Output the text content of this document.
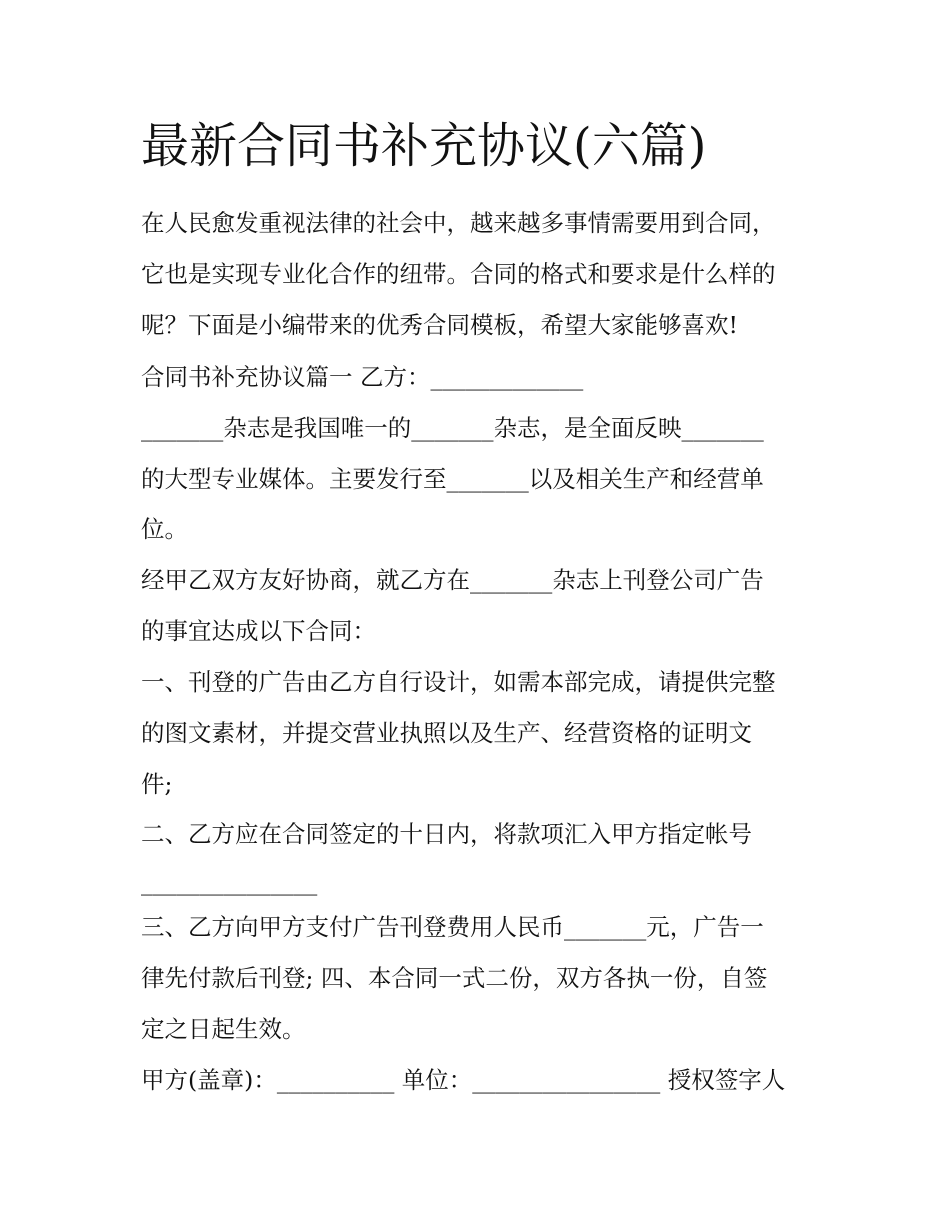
最新合同书补充协议(六篇)

在人民愈发重视法律的社会中，越来越多事情需要用到合同，

它也是实现专业化合作的纽带。合同的格式和要求是什么样的

呢？下面是小编带来的优秀合同模板，希望大家能够喜欢!

合同书补充协议篇一 乙方：_____________

_______杂志是我国唯一的_______杂志，是全面反映_______

的大型专业媒体。主要发行至_______以及相关生产和经营单

位。

经甲乙双方友好协商，就乙方在_______杂志上刊登公司广告

的事宜达成以下合同：

一、刊登的广告由乙方自行设计，如需本部完成，请提供完整

的图文素材，并提交营业执照以及生产、经营资格的证明文

件;

二、乙方应在合同签定的十日内，将款项汇入甲方指定帐号

_______________

三、乙方向甲方支付广告刊登费用人民币_______元，广告一

律先付款后刊登; 四、本合同一式二份，双方各执一份，自签

定之日起生效。

甲方(盖章)：__________ 单位：________________ 授权签字人
